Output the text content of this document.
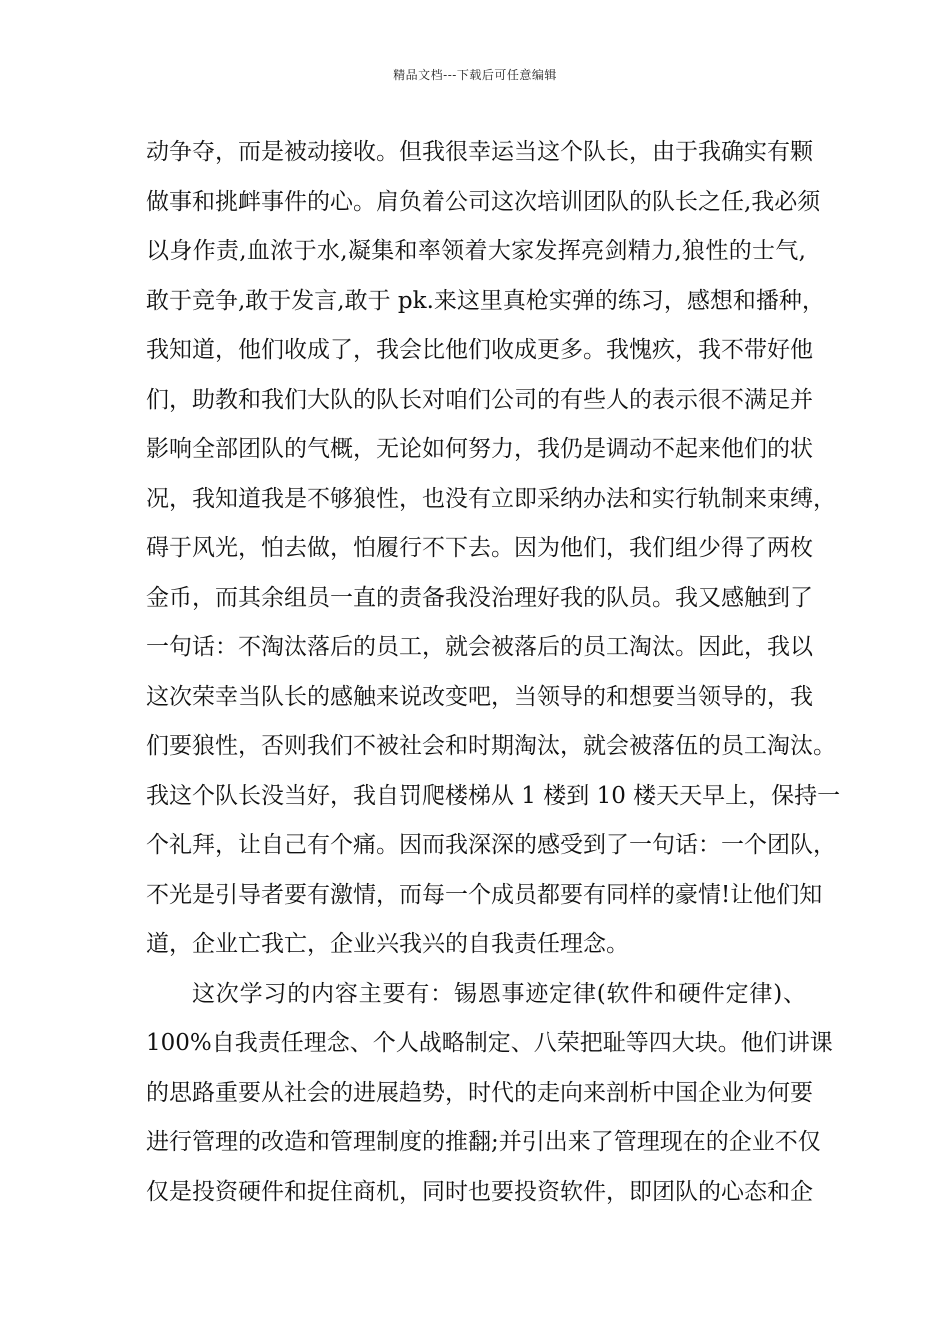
精品文档---下载后可任意编辑
动争夺，而是被动接收。但我很幸运当这个队长，由于我确实有颗
做事和挑衅事件的心。肩负着公司这次培训团队的队长之任,我必须
以身作责,血浓于水,凝集和率领着大家发挥亮剑精力,狼性的士气,
敢于竞争,敢于发言,敢于 pk.来这里真枪实弹的练习，感想和播种，
我知道，他们收成了，我会比他们收成更多。我愧疚，我不带好他
们，助教和我们大队的队长对咱们公司的有些人的表示很不满足并
影响全部团队的气概，无论如何努力，我仍是调动不起来他们的状
况，我知道我是不够狼性，也没有立即采纳办法和实行轨制来束缚，
碍于风光，怕去做，怕履行不下去。因为他们，我们组少得了两枚
金币，而其余组员一直的责备我没治理好我的队员。我又感触到了
一句话：不淘汰落后的员工，就会被落后的员工淘汰。因此，我以
这次荣幸当队长的感触来说改变吧，当领导的和想要当领导的，我
们要狼性，否则我们不被社会和时期淘汰，就会被落伍的员工淘汰。
我这个队长没当好，我自罚爬楼梯从 1 楼到 10 楼天天早上，保持一
个礼拜，让自己有个痛。因而我深深的感受到了一句话：一个团队，
不光是引导者要有激情，而每一个成员都要有同样的豪情!让他们知
道，企业亡我亡，企业兴我兴的自我责任理念。
这次学习的内容主要有：锡恩事迹定律(软件和硬件定律)、
100%自我责任理念、个人战略制定、八荣把耻等四大块。他们讲课
的思路重要从社会的进展趋势，时代的走向来剖析中国企业为何要
进行管理的改造和管理制度的推翻;并引出来了管理现在的企业不仅
仅是投资硬件和捉住商机，同时也要投资软件，即团队的心态和企
